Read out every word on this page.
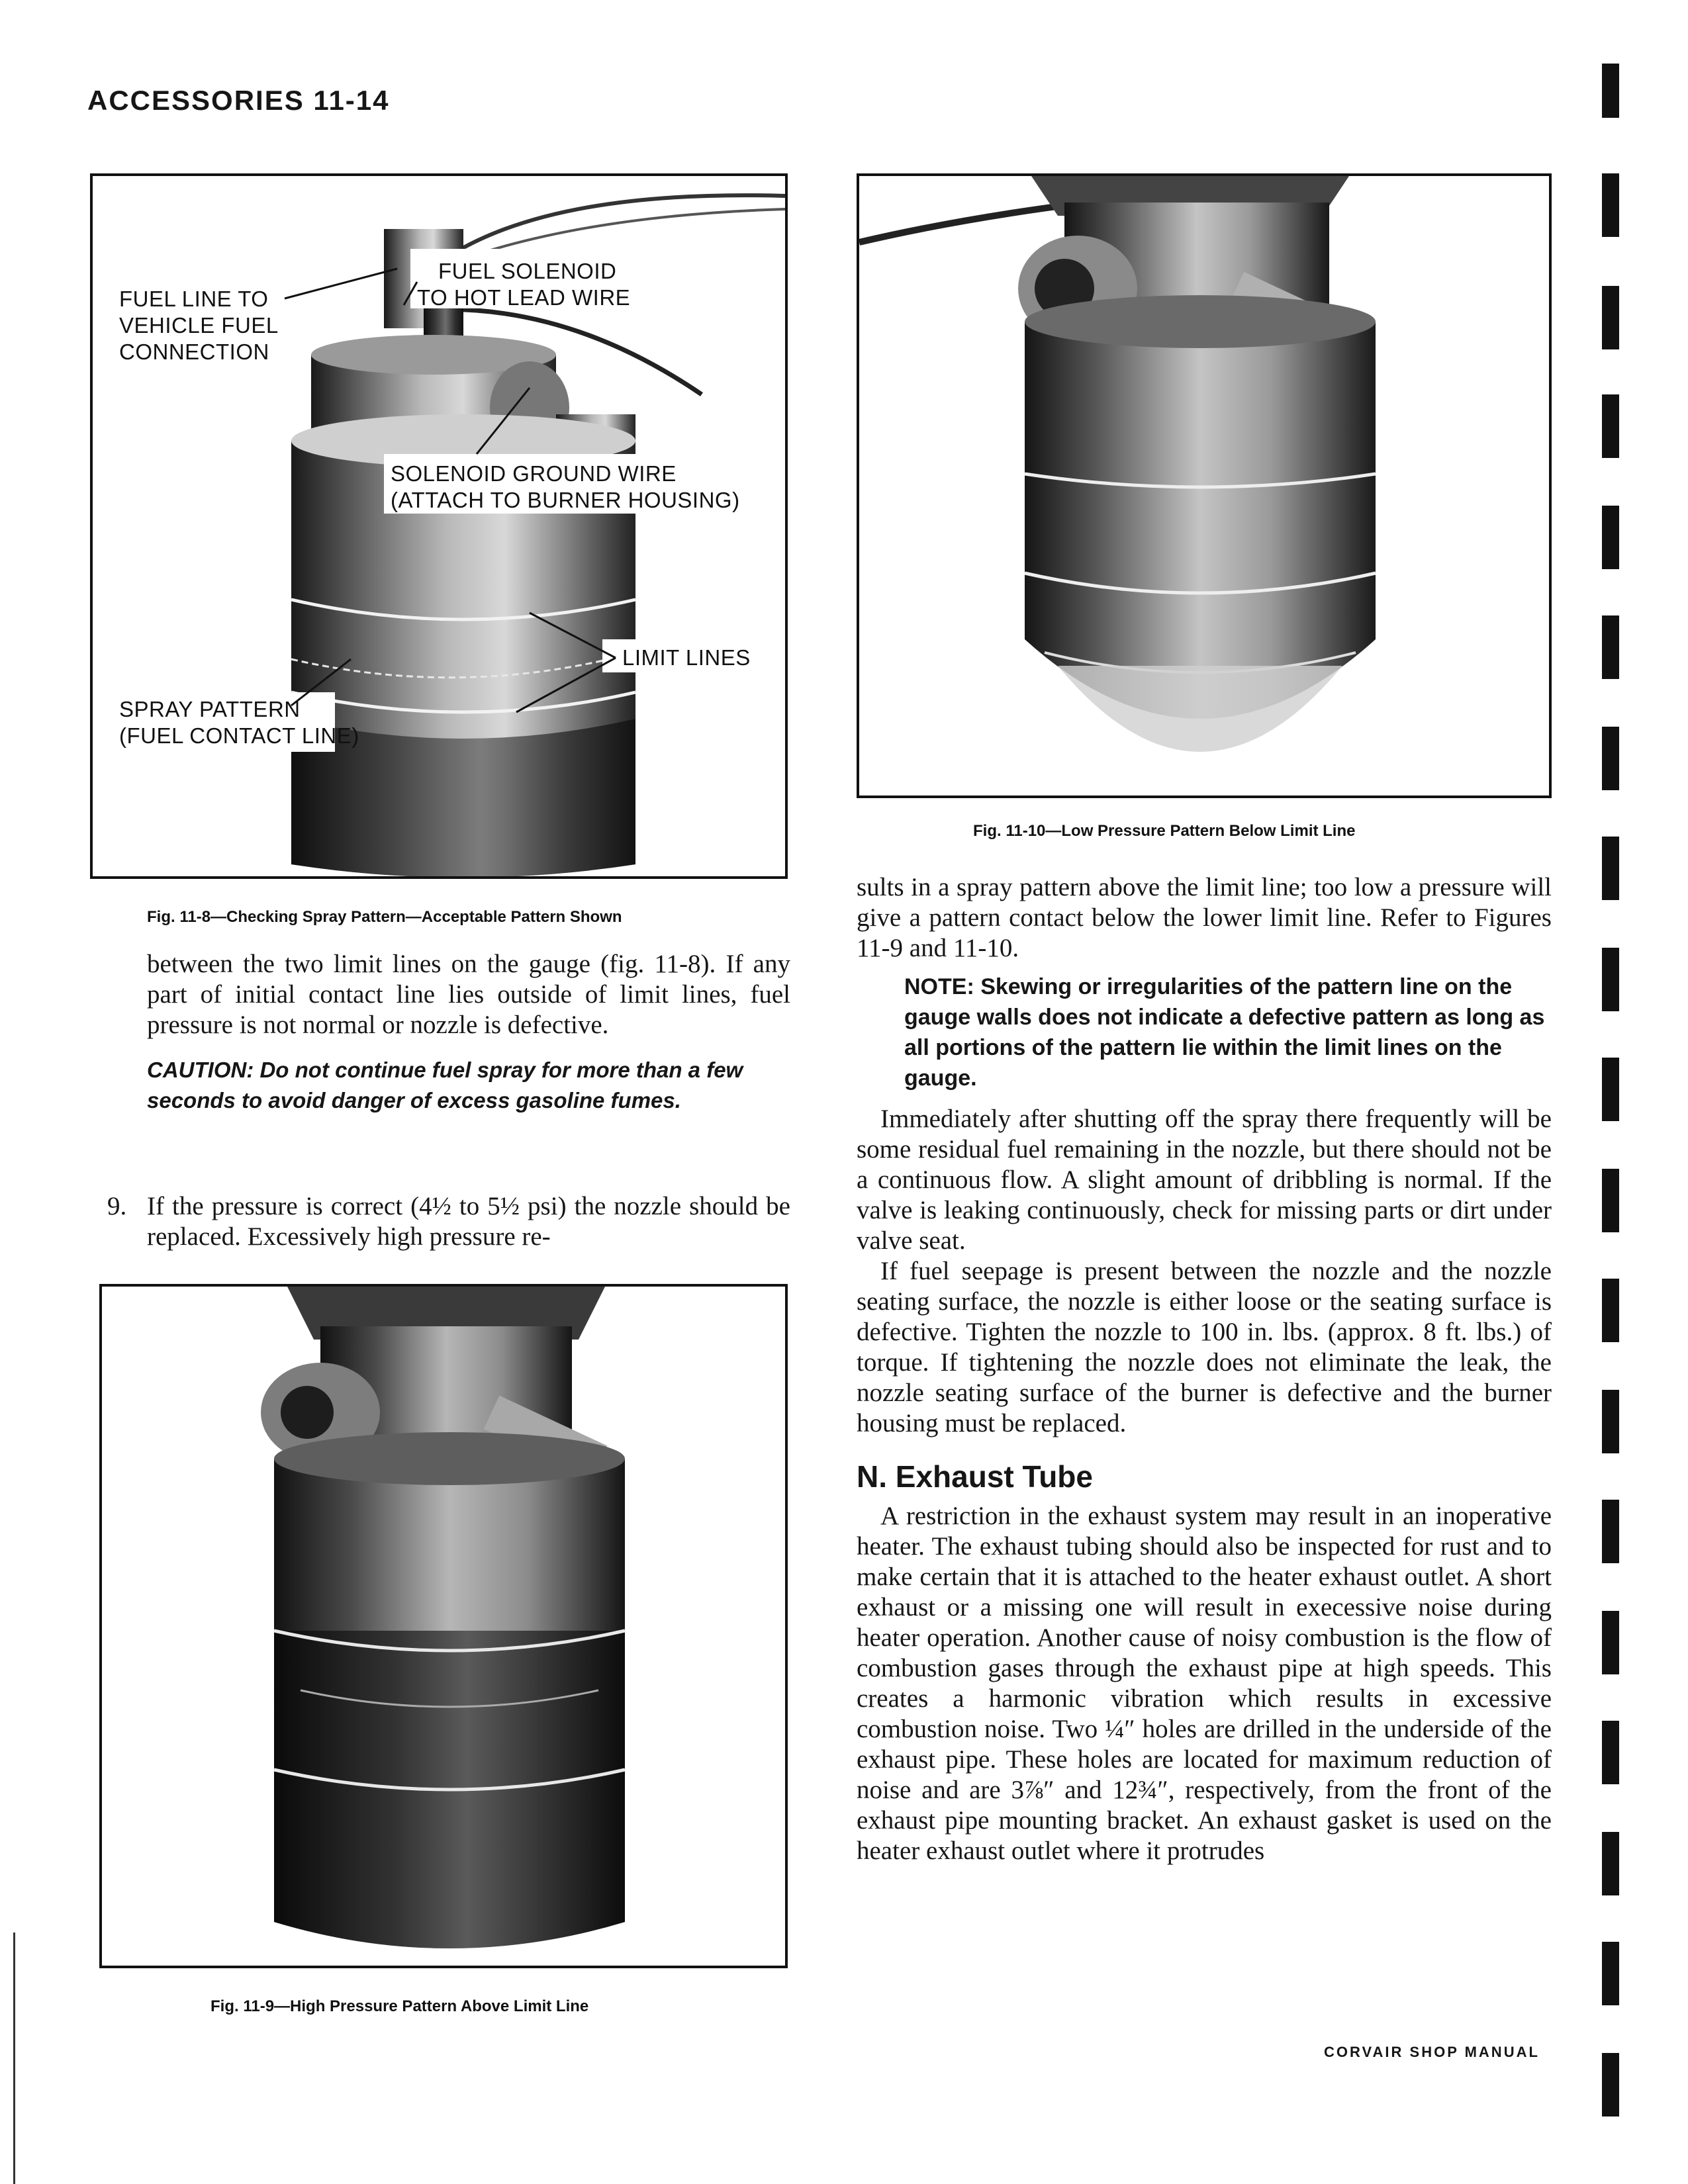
ACCESSORIES 11-14
FUEL LINE TO
VEHICLE FUEL
CONNECTION
FUEL SOLENOID
TO HOT LEAD WIRE
SOLENOID GROUND WIRE
(ATTACH TO BURNER HOUSING)
LIMIT LINES
SPRAY PATTERN
(FUEL CONTACT LINE)
Fig. 11-8—Checking Spray Pattern—Acceptable Pattern Shown
Fig. 11-10—Low Pressure Pattern Below Limit Line

between the two limit lines on the gauge (fig. 11-8). If any part of initial contact line lies outside of limit lines, fuel pressure is not normal or nozzle is defective.

CAUTION: Do not continue fuel spray for more than a few seconds to avoid danger of excess gasoline fumes.

9. If the pressure is correct (4½ to 5½ psi) the nozzle should be replaced. Excessively high pressure re-

Fig. 11-9—High Pressure Pattern Above Limit Line

sults in a spray pattern above the limit line; too low a pressure will give a pattern contact below the lower limit line. Refer to Figures 11-9 and 11-10.

NOTE: Skewing or irregularities of the pattern line on the gauge walls does not indicate a defective pattern as long as all portions of the pattern lie within the limit lines on the gauge.

Immediately after shutting off the spray there frequently will be some residual fuel remaining in the nozzle, but there should not be a continuous flow. A slight amount of dribbling is normal. If the valve is leaking continuously, check for missing parts or dirt under valve seat.

If fuel seepage is present between the nozzle and the nozzle seating surface, the nozzle is either loose or the seating surface is defective. Tighten the nozzle to 100 in. lbs. (approx. 8 ft. lbs.) of torque. If tightening the nozzle does not eliminate the leak, the nozzle seating surface of the burner is defective and the burner housing must be replaced.

N. Exhaust Tube

A restriction in the exhaust system may result in an inoperative heater. The exhaust tubing should also be inspected for rust and to make certain that it is attached to the heater exhaust outlet. A short exhaust or a missing one will result in execessive noise during heater operation. Another cause of noisy combustion is the flow of combustion gases through the exhaust pipe at high speeds. This creates a harmonic vibration which results in excessive combustion noise. Two ¼″ holes are drilled in the underside of the exhaust pipe. These holes are located for maximum reduction of noise and are 3⅞″ and 12¾″, respectively, from the front of the exhaust pipe mounting bracket. An exhaust gasket is used on the heater exhaust outlet where it protrudes

CORVAIR SHOP MANUAL
